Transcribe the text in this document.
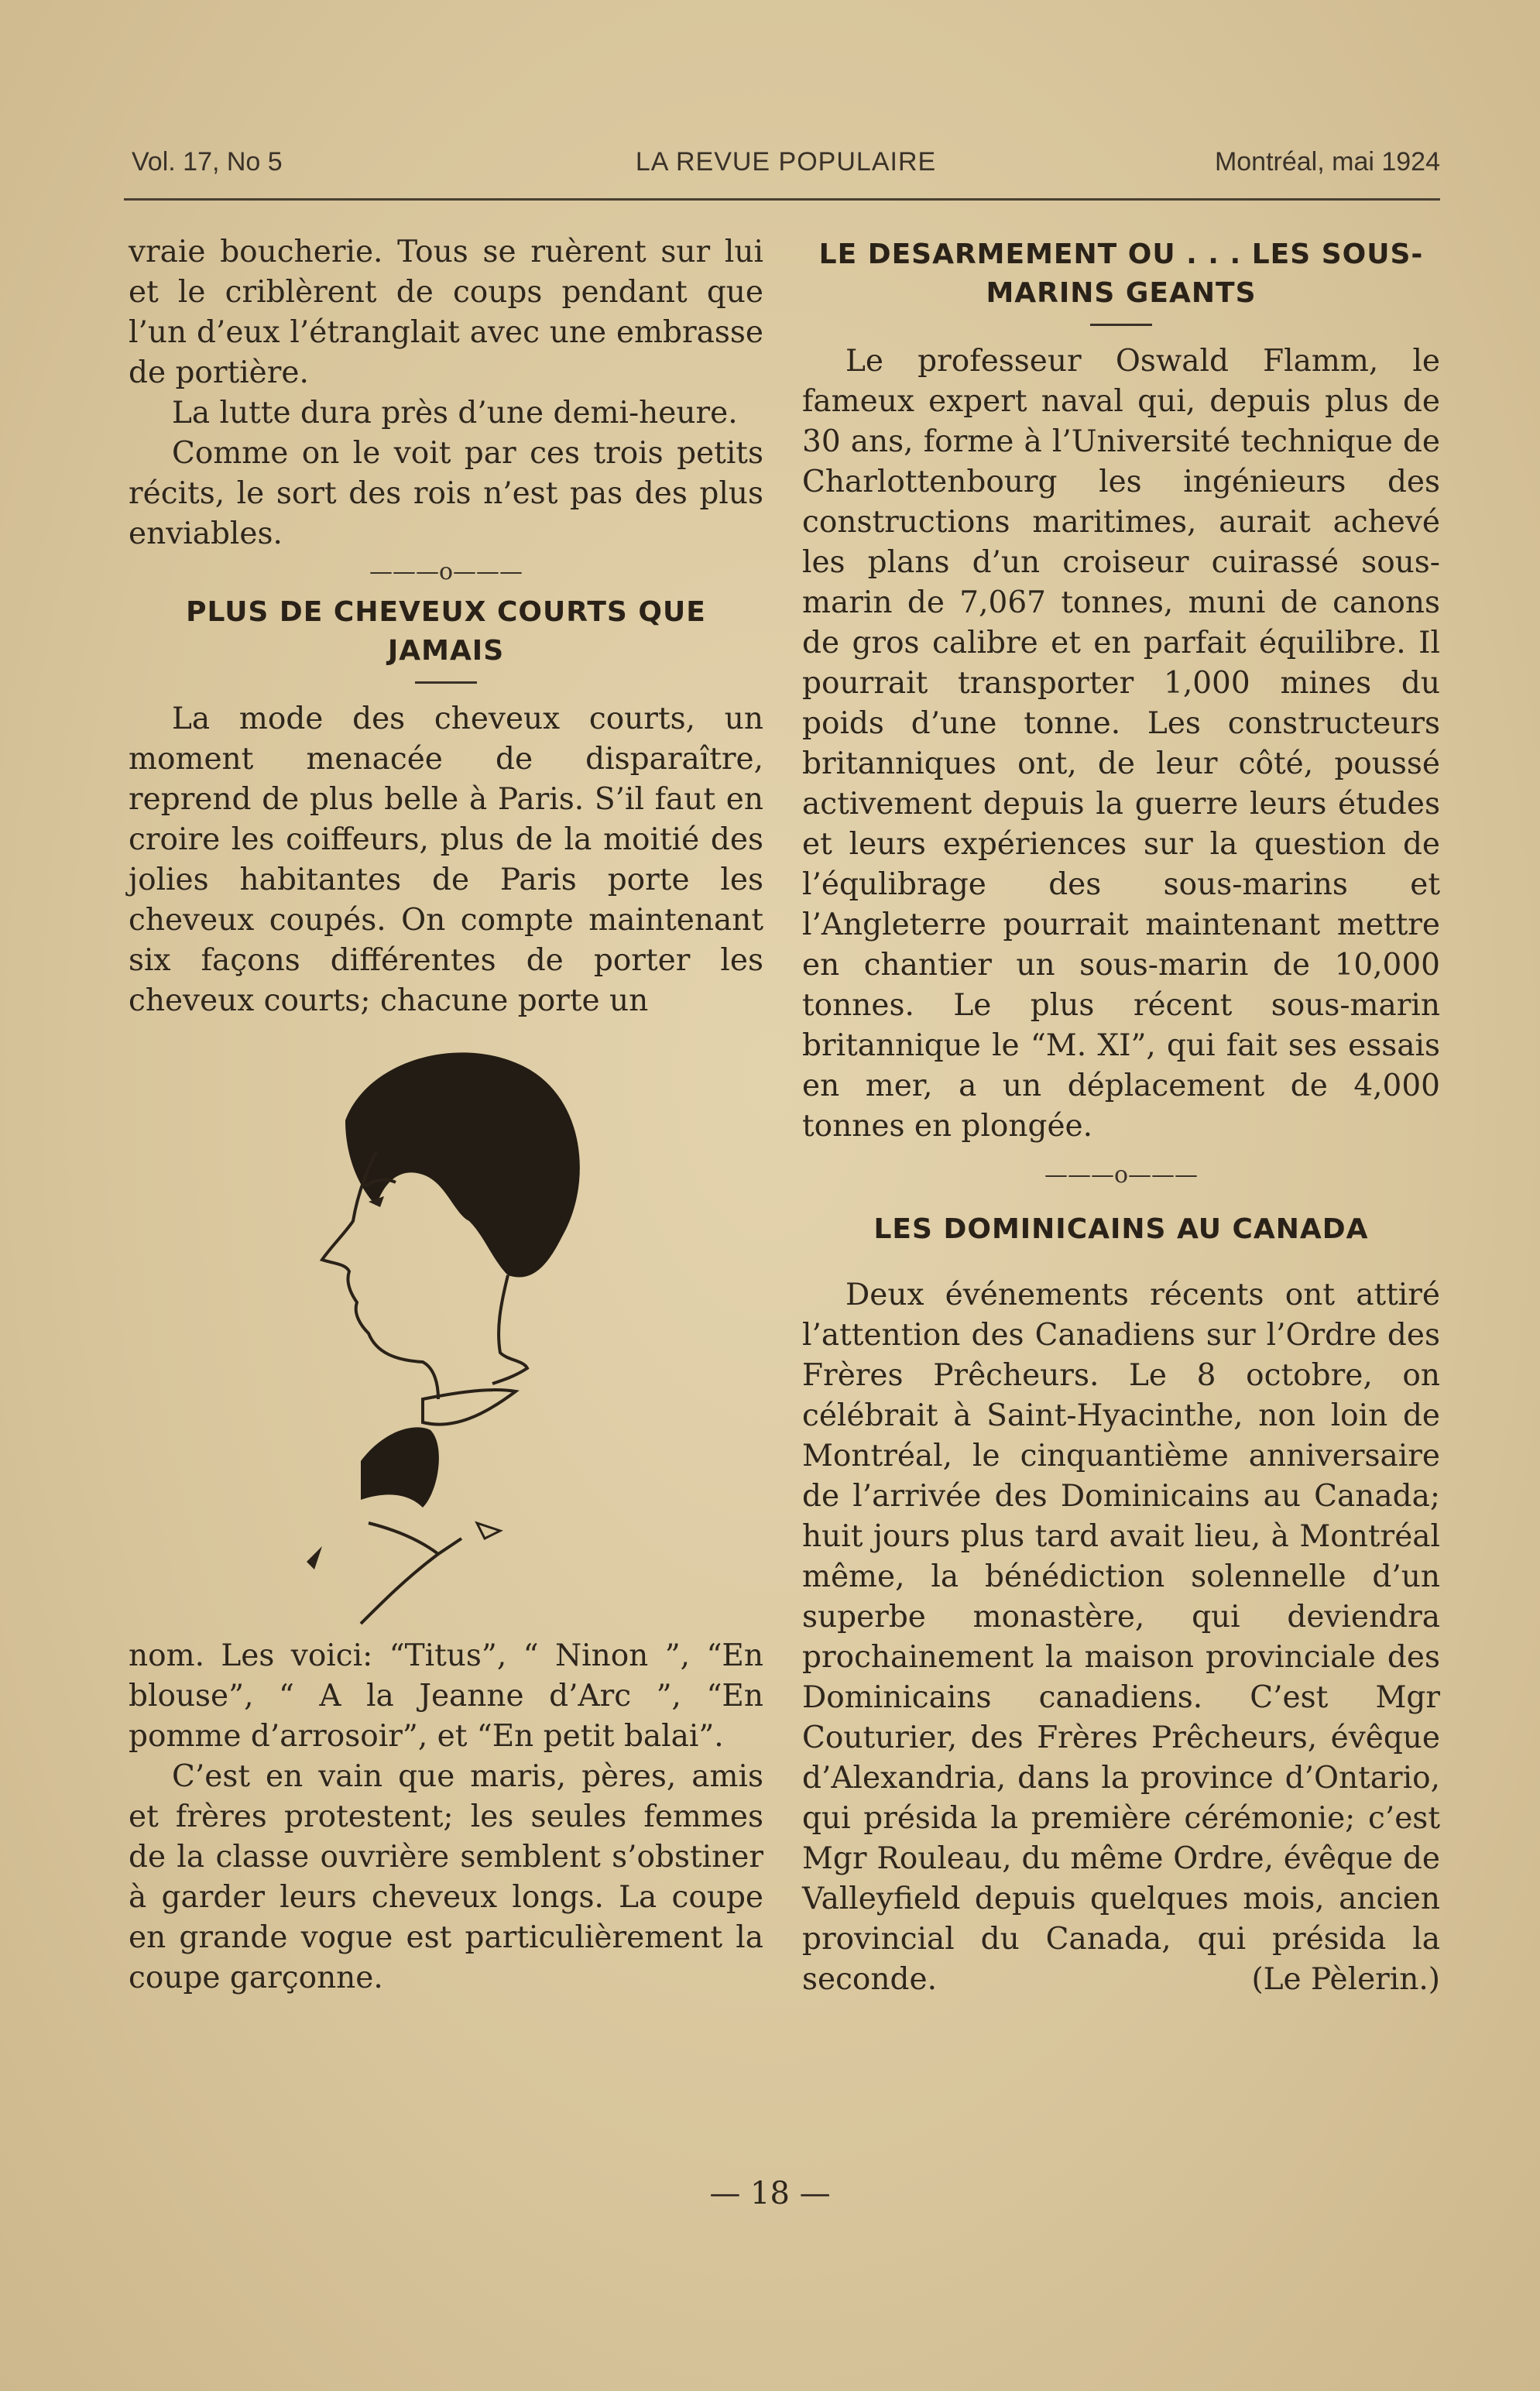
Vol. 17, No 5	LA REVUE POPULAIRE	Montréal, mai 1924

vraie boucherie. Tous se ruèrent sur lui et le criblèrent de coups pendant que l’un d’eux l’étranglait avec une embrasse de portière.

La lutte dura près d’une demi-heure.

Comme on le voit par ces trois petits récits, le sort des rois n’est pas des plus enviables.

———o———
PLUS DE CHEVEUX COURTS QUE JAMAIS

La mode des cheveux courts, un moment menacée de disparaître, reprend de plus belle à Paris. S’il faut en croire les coiffeurs, plus de la moitié des jolies habitantes de Paris porte les cheveux coupés. On compte maintenant six façons différentes de porter les cheveux courts; chacune porte un

nom. Les voici: “Titus”, “ Ninon ”, “En blouse”, “ A la Jeanne d’Arc ”, “En pomme d’arrosoir”, et “En petit balai”.

C’est en vain que maris, pères, amis et frères protestent; les seules femmes de la classe ouvrière semblent s’obstiner à garder leurs cheveux longs. La coupe en grande vogue est particulièrement la coupe garçonne.

LE DESARMEMENT OU . . . LES SOUS-MARINS GEANTS

Le professeur Oswald Flamm, le fameux expert naval qui, depuis plus de 30 ans, forme à l’Université technique de Charlottenbourg les ingénieurs des constructions maritimes, aurait achevé les plans d’un croiseur cuirassé sous-marin de 7,067 tonnes, muni de canons de gros calibre et en parfait équilibre. Il pourrait transporter 1,000 mines du poids d’une tonne. Les constructeurs britanniques ont, de leur côté, poussé activement depuis la guerre leurs études et leurs expériences sur la question de l’équlibrage des sous-marins et l’Angleterre pourrait maintenant mettre en chantier un sous-marin de 10,000 tonnes. Le plus récent sous-marin britannique le “M. XI”, qui fait ses essais en mer, a un déplacement de 4,000 tonnes en plongée.

———o———
LES DOMINICAINS AU CANADA

Deux événements récents ont attiré l’attention des Canadiens sur l’Ordre des Frères Prêcheurs. Le 8 octobre, on célébrait à Saint-Hyacinthe, non loin de Montréal, le cinquantième anniversaire de l’arrivée des Dominicains au Canada; huit jours plus tard avait lieu, à Montréal même, la bénédiction solennelle d’un superbe monastère, qui deviendra prochainement la maison provinciale des Dominicains canadiens. C’est Mgr Couturier, des Frères Prêcheurs, évêque d’Alexandria, dans la province d’Ontario, qui présida la première cérémonie; c’est Mgr Rouleau, du même Ordre, évêque de Valleyfield depuis quelques mois, ancien provincial du Canada, qui présida la seconde.	(Le Pèlerin.)

— 18 —
